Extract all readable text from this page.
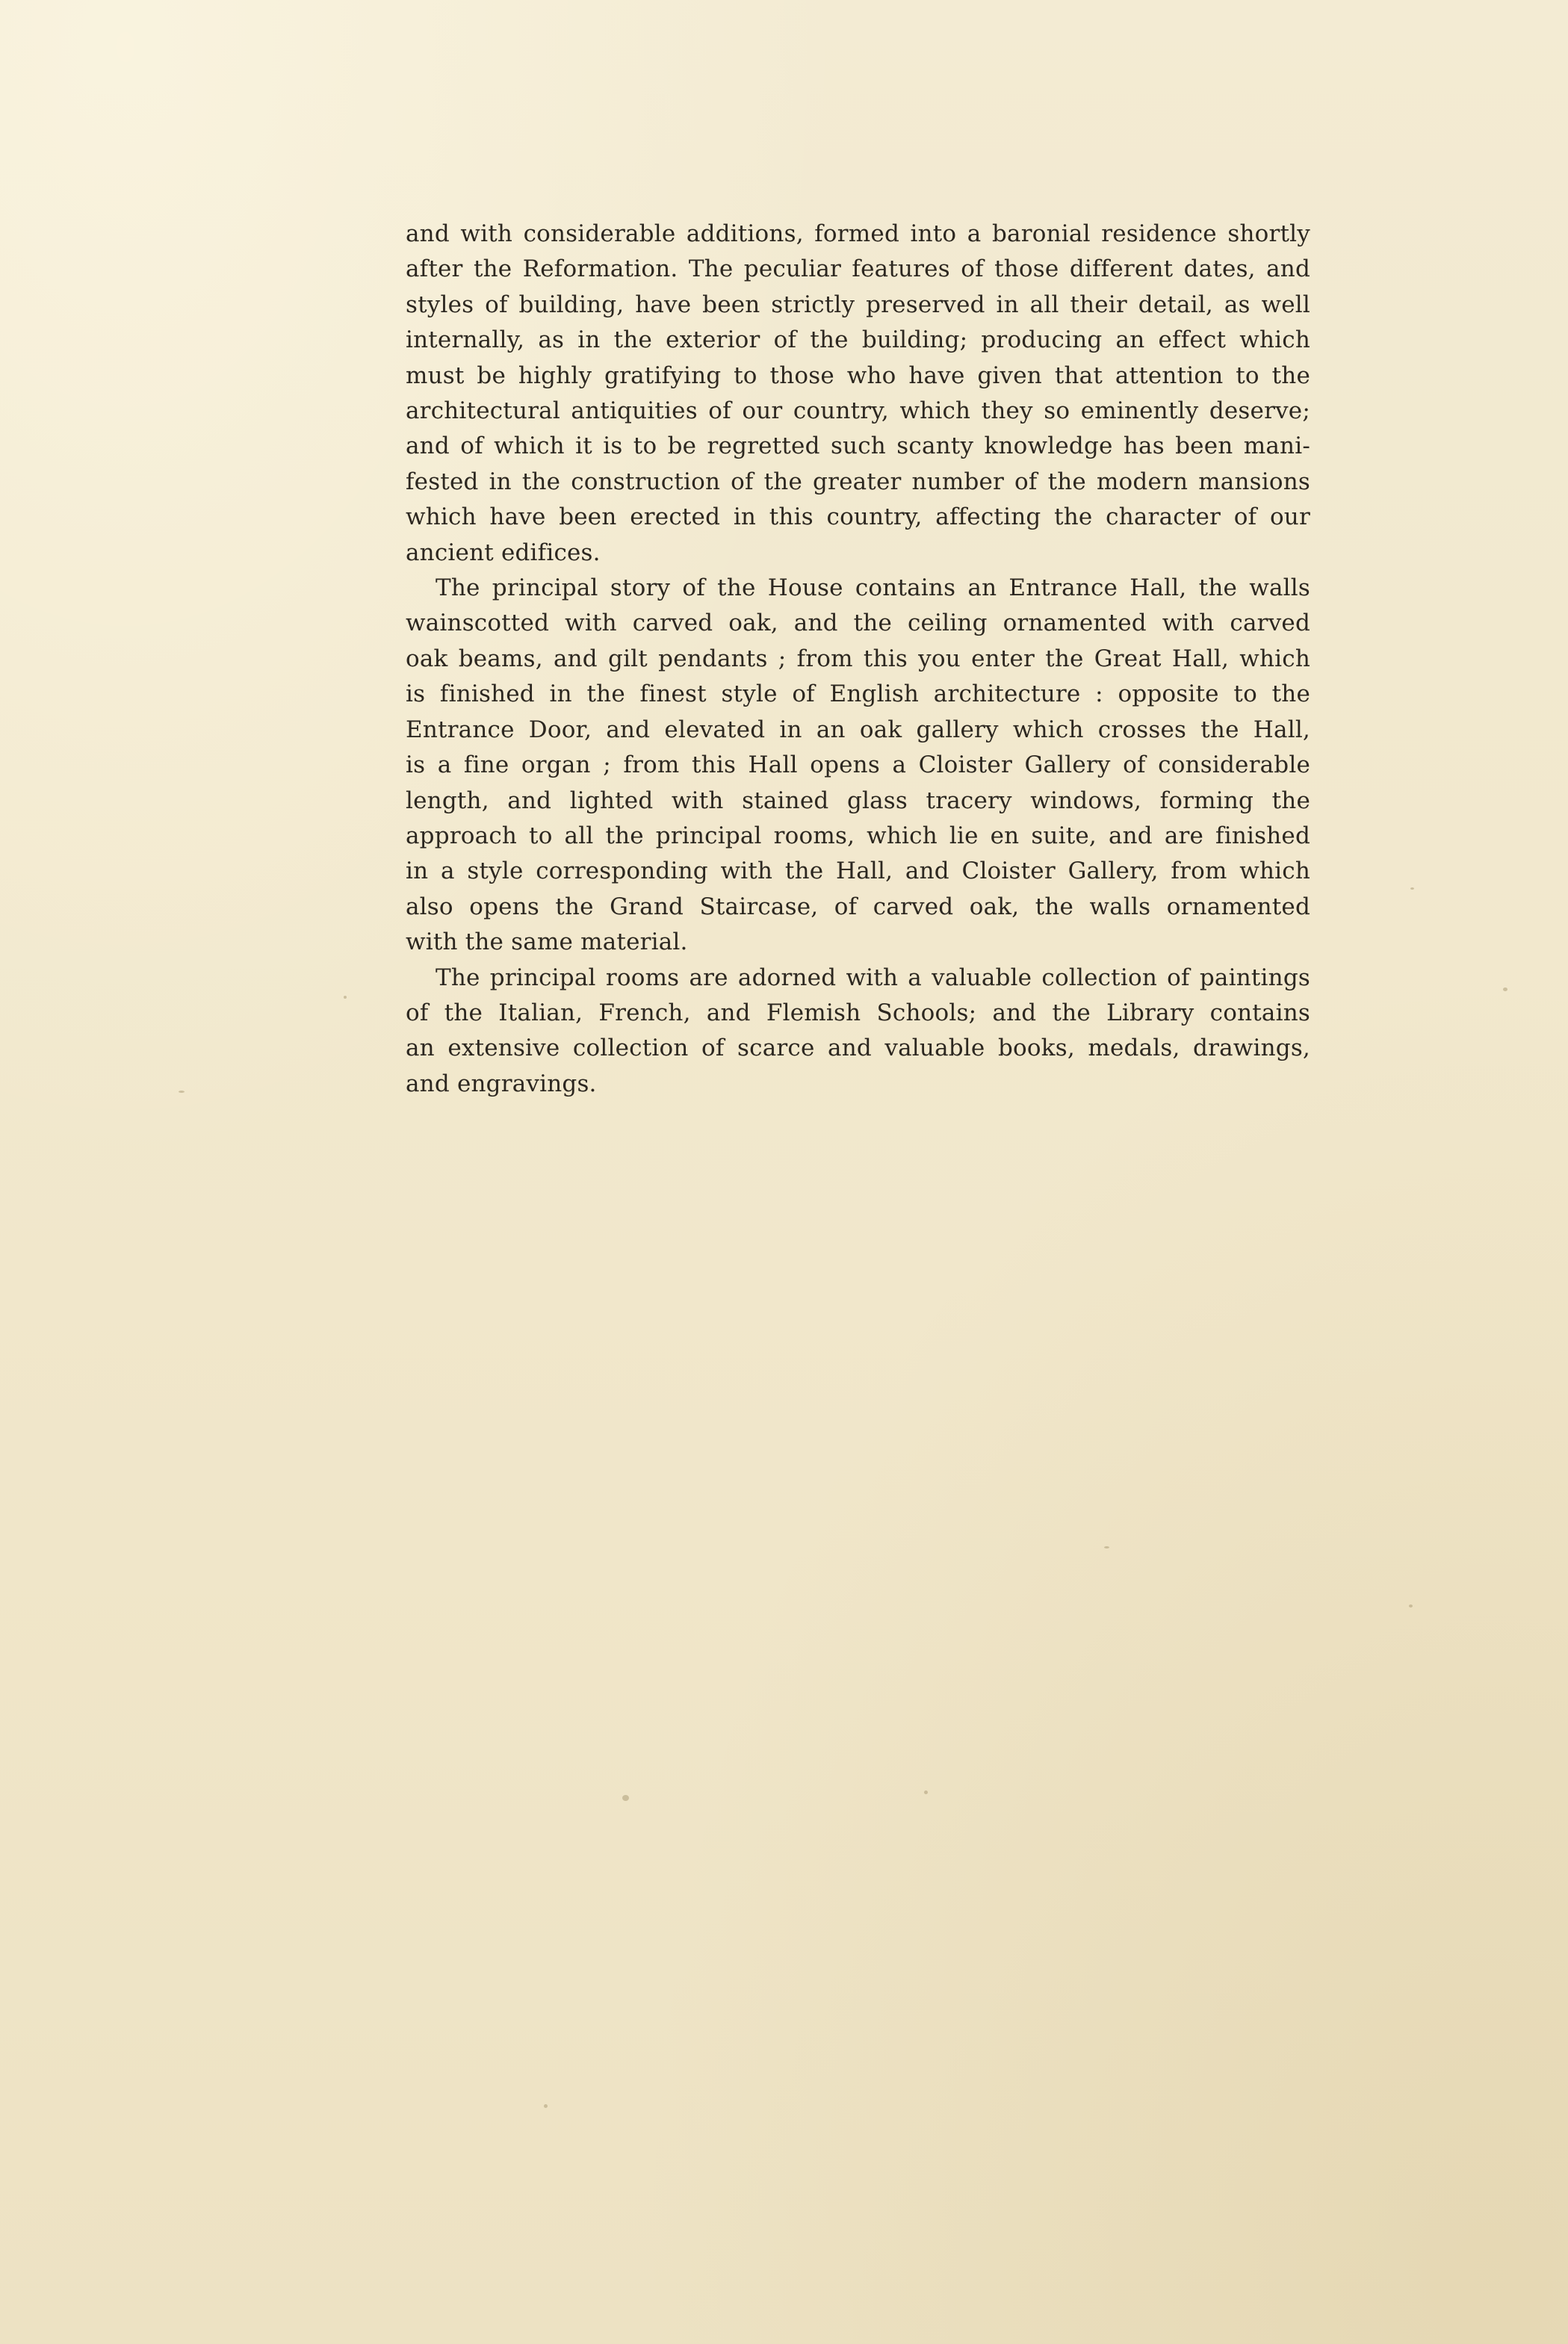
and with considerable additions, formed into a baronial residence shortly
after the Reformation. The peculiar features of those different dates, and
styles of building, have been strictly preserved in all their detail, as well
internally, as in the exterior of the building; producing an effect which
must be highly gratifying to those who have given that attention to the
architectural antiquities of our country, which they so eminently deserve;
and of which it is to be regretted such scanty knowledge has been mani-
fested in the construction of the greater number of the modern mansions
which have been erected in this country, affecting the character of our
ancient edifices.

The principal story of the House contains an Entrance Hall, the walls
wainscotted with carved oak, and the ceiling ornamented with carved
oak beams, and gilt pendants ; from this you enter the Great Hall, which
is finished in the finest style of English architecture : opposite to the
Entrance Door, and elevated in an oak gallery which crosses the Hall,
is a fine organ ; from this Hall opens a Cloister Gallery of considerable
length, and lighted with stained glass tracery windows, forming the
approach to all the principal rooms, which lie en suite, and are finished
in a style corresponding with the Hall, and Cloister Gallery, from which
also opens the Grand Staircase, of carved oak, the walls ornamented
with the same material.

The principal rooms are adorned with a valuable collection of paintings
of the Italian, French, and Flemish Schools; and the Library contains
an extensive collection of scarce and valuable books, medals, drawings,
and engravings.
